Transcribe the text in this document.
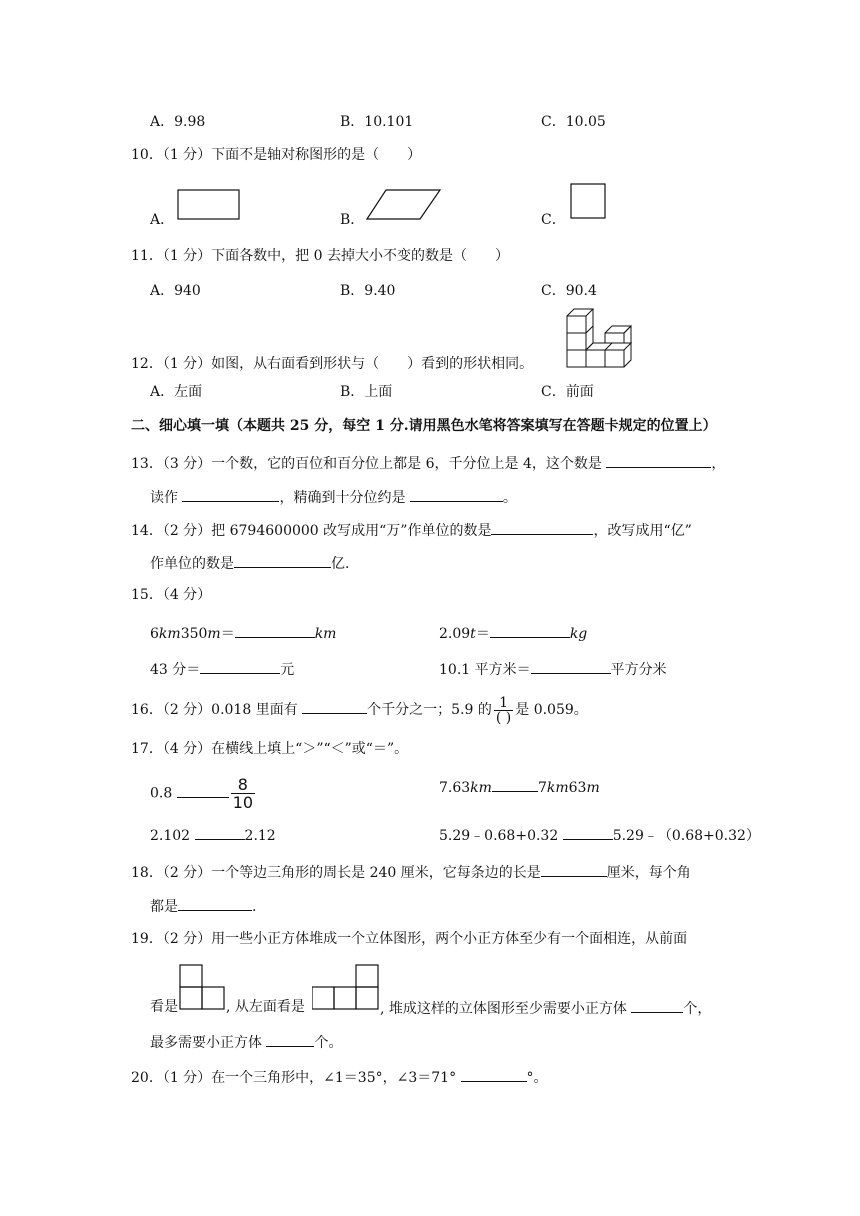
A．9.98	B．10.101	C．10.05
10．（1 分）下面不是轴对称图形的是（　　）
A．	B．	C．
11．（1 分）下面各数中，把 0 去掉大小不变的数是（　　）
A．940	B．9.40	C．90.4
12．（1 分）如图，从右面看到形状与（　　）看到的形状相同。
A．左面	B．上面	C．前面
二、细心填一填（本题共 25 分，每空 1 分.请用黑色水笔将答案填写在答题卡规定的位置上）
13．（3 分）一个数，它的百位和百分位上都是 6，千分位上是 4，这个数是	，
读作	，精确到十分位约是	。
14．（2 分）把 6794600000 改写成用“万”作单位的数是	，改写成用“亿”
作单位的数是	亿.
15．（4 分）
6km350m＝	km	2.09t＝	kg
43 分＝	元	10.1 平方米＝	平方分米
16．（2 分）0.018 里面有	个千分之一；5.9 的 $\frac{1}{( )}$ 是 0.059。
17．（4 分）在横线上填上“＞”“＜”或“＝”。
0.8	$\frac{8}{10}$	7.63km	7km63m
2.102	2.12	5.29﹣0.68+0.32	5.29﹣（0.68+0.32）
18．（2 分）一个等边三角形的周长是 240 厘米，它每条边的长是	厘米，每个角
都是	.
19．（2 分）用一些小正方体堆成一个立体图形，两个小正方体至少有一个面相连，从前面
看是	, 从左面看是	, 堆成这样的立体图形至少需要小正方体	个，
最多需要小正方体	个。
20．（1 分）在一个三角形中，∠1＝35°，∠3＝71°	°。
